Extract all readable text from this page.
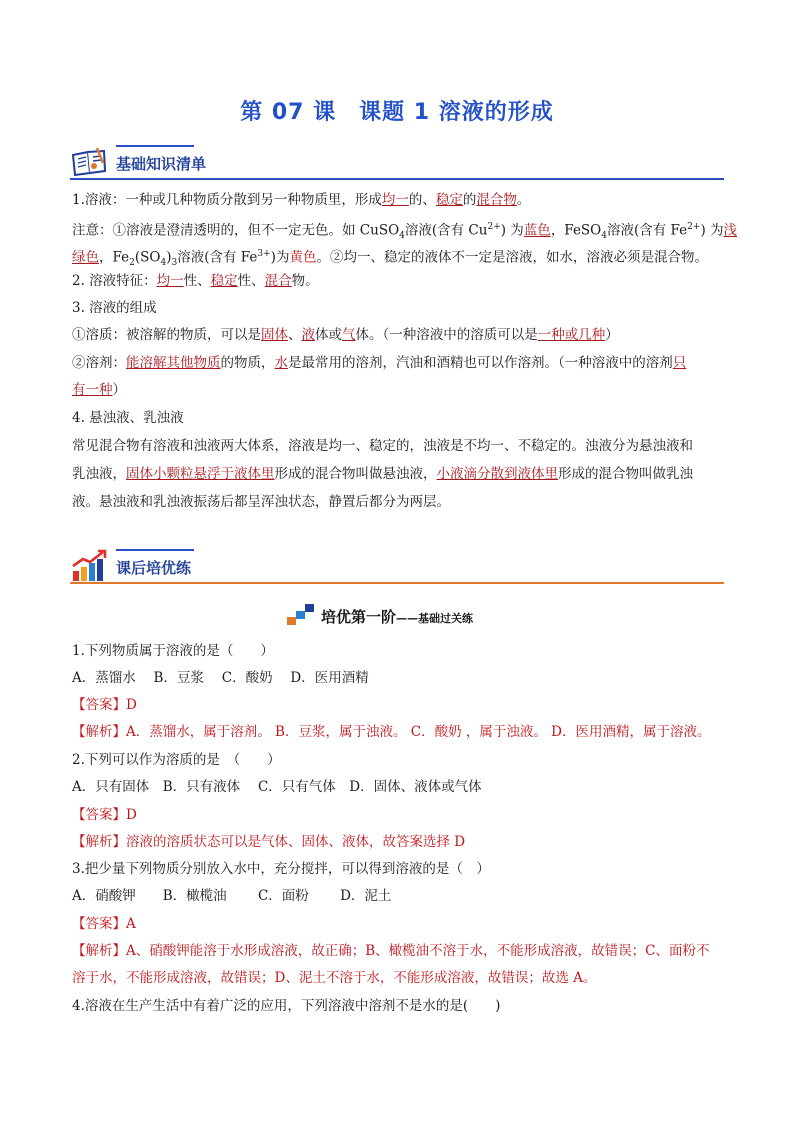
第 07 课　课题 1 溶液的形成
基础知识清单
1.溶液：一种或几种物质分散到另一种物质里，形成均一的、稳定的混合物。
注意：①溶液是澄清透明的，但不一定无色。如 CuSO$_4$溶液(含有 $Cu^{2+}$) 为蓝色，FeSO$_4$溶液(含有 $Fe^{2+}$) 为浅
绿色，$Fe_2(SO_4)_3$溶液(含有 $Fe^{3+}$)为黄色。②均一、稳定的液体不一定是溶液，如水，溶液必须是混合物。
2. 溶液特征：均一性、稳定性、混合物。
3. 溶液的组成
①溶质：被溶解的物质，可以是固体、液体或气体。（一种溶液中的溶质可以是一种或几种）
②溶剂：能溶解其他物质的物质，水是最常用的溶剂，汽油和酒精也可以作溶剂。（一种溶液中的溶剂只
有一种）
4. 悬浊液、乳浊液
常见混合物有溶液和浊液两大体系，溶液是均一、稳定的，浊液是不均一、不稳定的。浊液分为悬浊液和
乳浊液，固体小颗粒悬浮于液体里形成的混合物叫做悬浊液，小液滴分散到液体里形成的混合物叫做乳浊
液。悬浊液和乳浊液振荡后都呈浑浊状态，静置后都分为两层。
课后培优练
培优第一阶——基础过关练
1.下列物质属于溶液的是（　　）
A．蒸馏水　 B．豆浆　 C．酸奶　 D．医用酒精
【答案】D
【解析】A．蒸馏水，属于溶剂。 B．豆浆，属于浊液。 C．酸奶 ，属于浊液。 D．医用酒精，属于溶液。
2.下列可以作为溶质的是　（　　）
A．只有固体　B．只有液体　 C．只有气体　D．固体、液体或气体
【答案】D
【解析】溶液的溶质状态可以是气体、固体、液体，故答案选择 D
3.把少量下列物质分别放入水中，充分搅拌，可以得到溶液的是（　）
A．硝酸钾　　B．橄榄油　　 C．面粉　　 D．泥土
【答案】A
【解析】A、硝酸钾能溶于水形成溶液，故正确；B、橄榄油不溶于水，不能形成溶液，故错误；C、面粉不
溶于水，不能形成溶液，故错误；D、泥土不溶于水，不能形成溶液，故错误；故选 A。
4.溶液在生产生活中有着广泛的应用，下列溶液中溶剂不是水的是(　　)
